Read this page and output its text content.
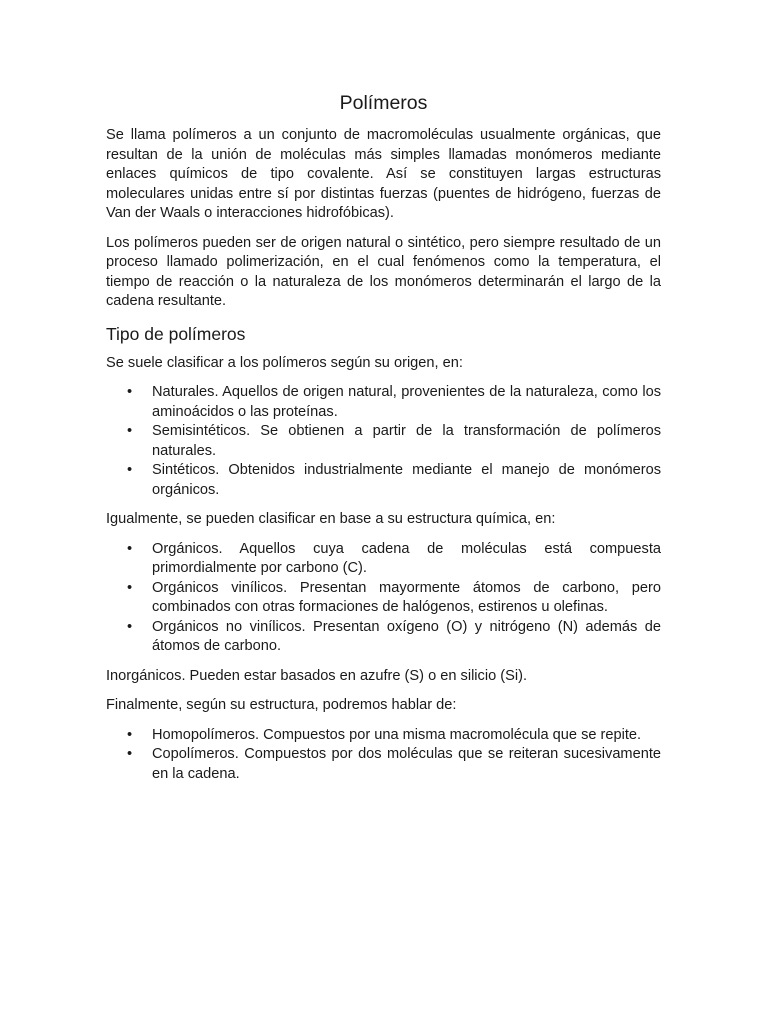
Polímeros

Se llama polímeros a un conjunto de macromoléculas usualmente orgánicas, que resultan de la unión de moléculas más simples llamadas monómeros mediante enlaces químicos de tipo covalente. Así se constituyen largas estructuras moleculares unidas entre sí por distintas fuerzas (puentes de hidrógeno, fuerzas de Van der Waals o interacciones hidrofóbicas).

Los polímeros pueden ser de origen natural o sintético, pero siempre resultado de un proceso llamado polimerización, en el cual fenómenos como la temperatura, el tiempo de reacción o la naturaleza de los monómeros determinarán el largo de la cadena resultante.

Tipo de polímeros

Se suele clasificar a los polímeros según su origen, en:

• Naturales. Aquellos de origen natural, provenientes de la naturaleza, como los aminoácidos o las proteínas.
• Semisintéticos. Se obtienen a partir de la transformación de polímeros naturales.
• Sintéticos. Obtenidos industrialmente mediante el manejo de monómeros orgánicos.

Igualmente, se pueden clasificar en base a su estructura química, en:

• Orgánicos. Aquellos cuya cadena de moléculas está compuesta primordialmente por carbono (C).
• Orgánicos vinílicos. Presentan mayormente átomos de carbono, pero combinados con otras formaciones de halógenos, estirenos u olefinas.
• Orgánicos no vinílicos. Presentan oxígeno (O) y nitrógeno (N) además de átomos de carbono.

Inorgánicos. Pueden estar basados en azufre (S) o en silicio (Si).

Finalmente, según su estructura, podremos hablar de:

• Homopolímeros. Compuestos por una misma macromolécula que se repite.
• Copolímeros. Compuestos por dos moléculas que se reiteran sucesivamente en la cadena.
